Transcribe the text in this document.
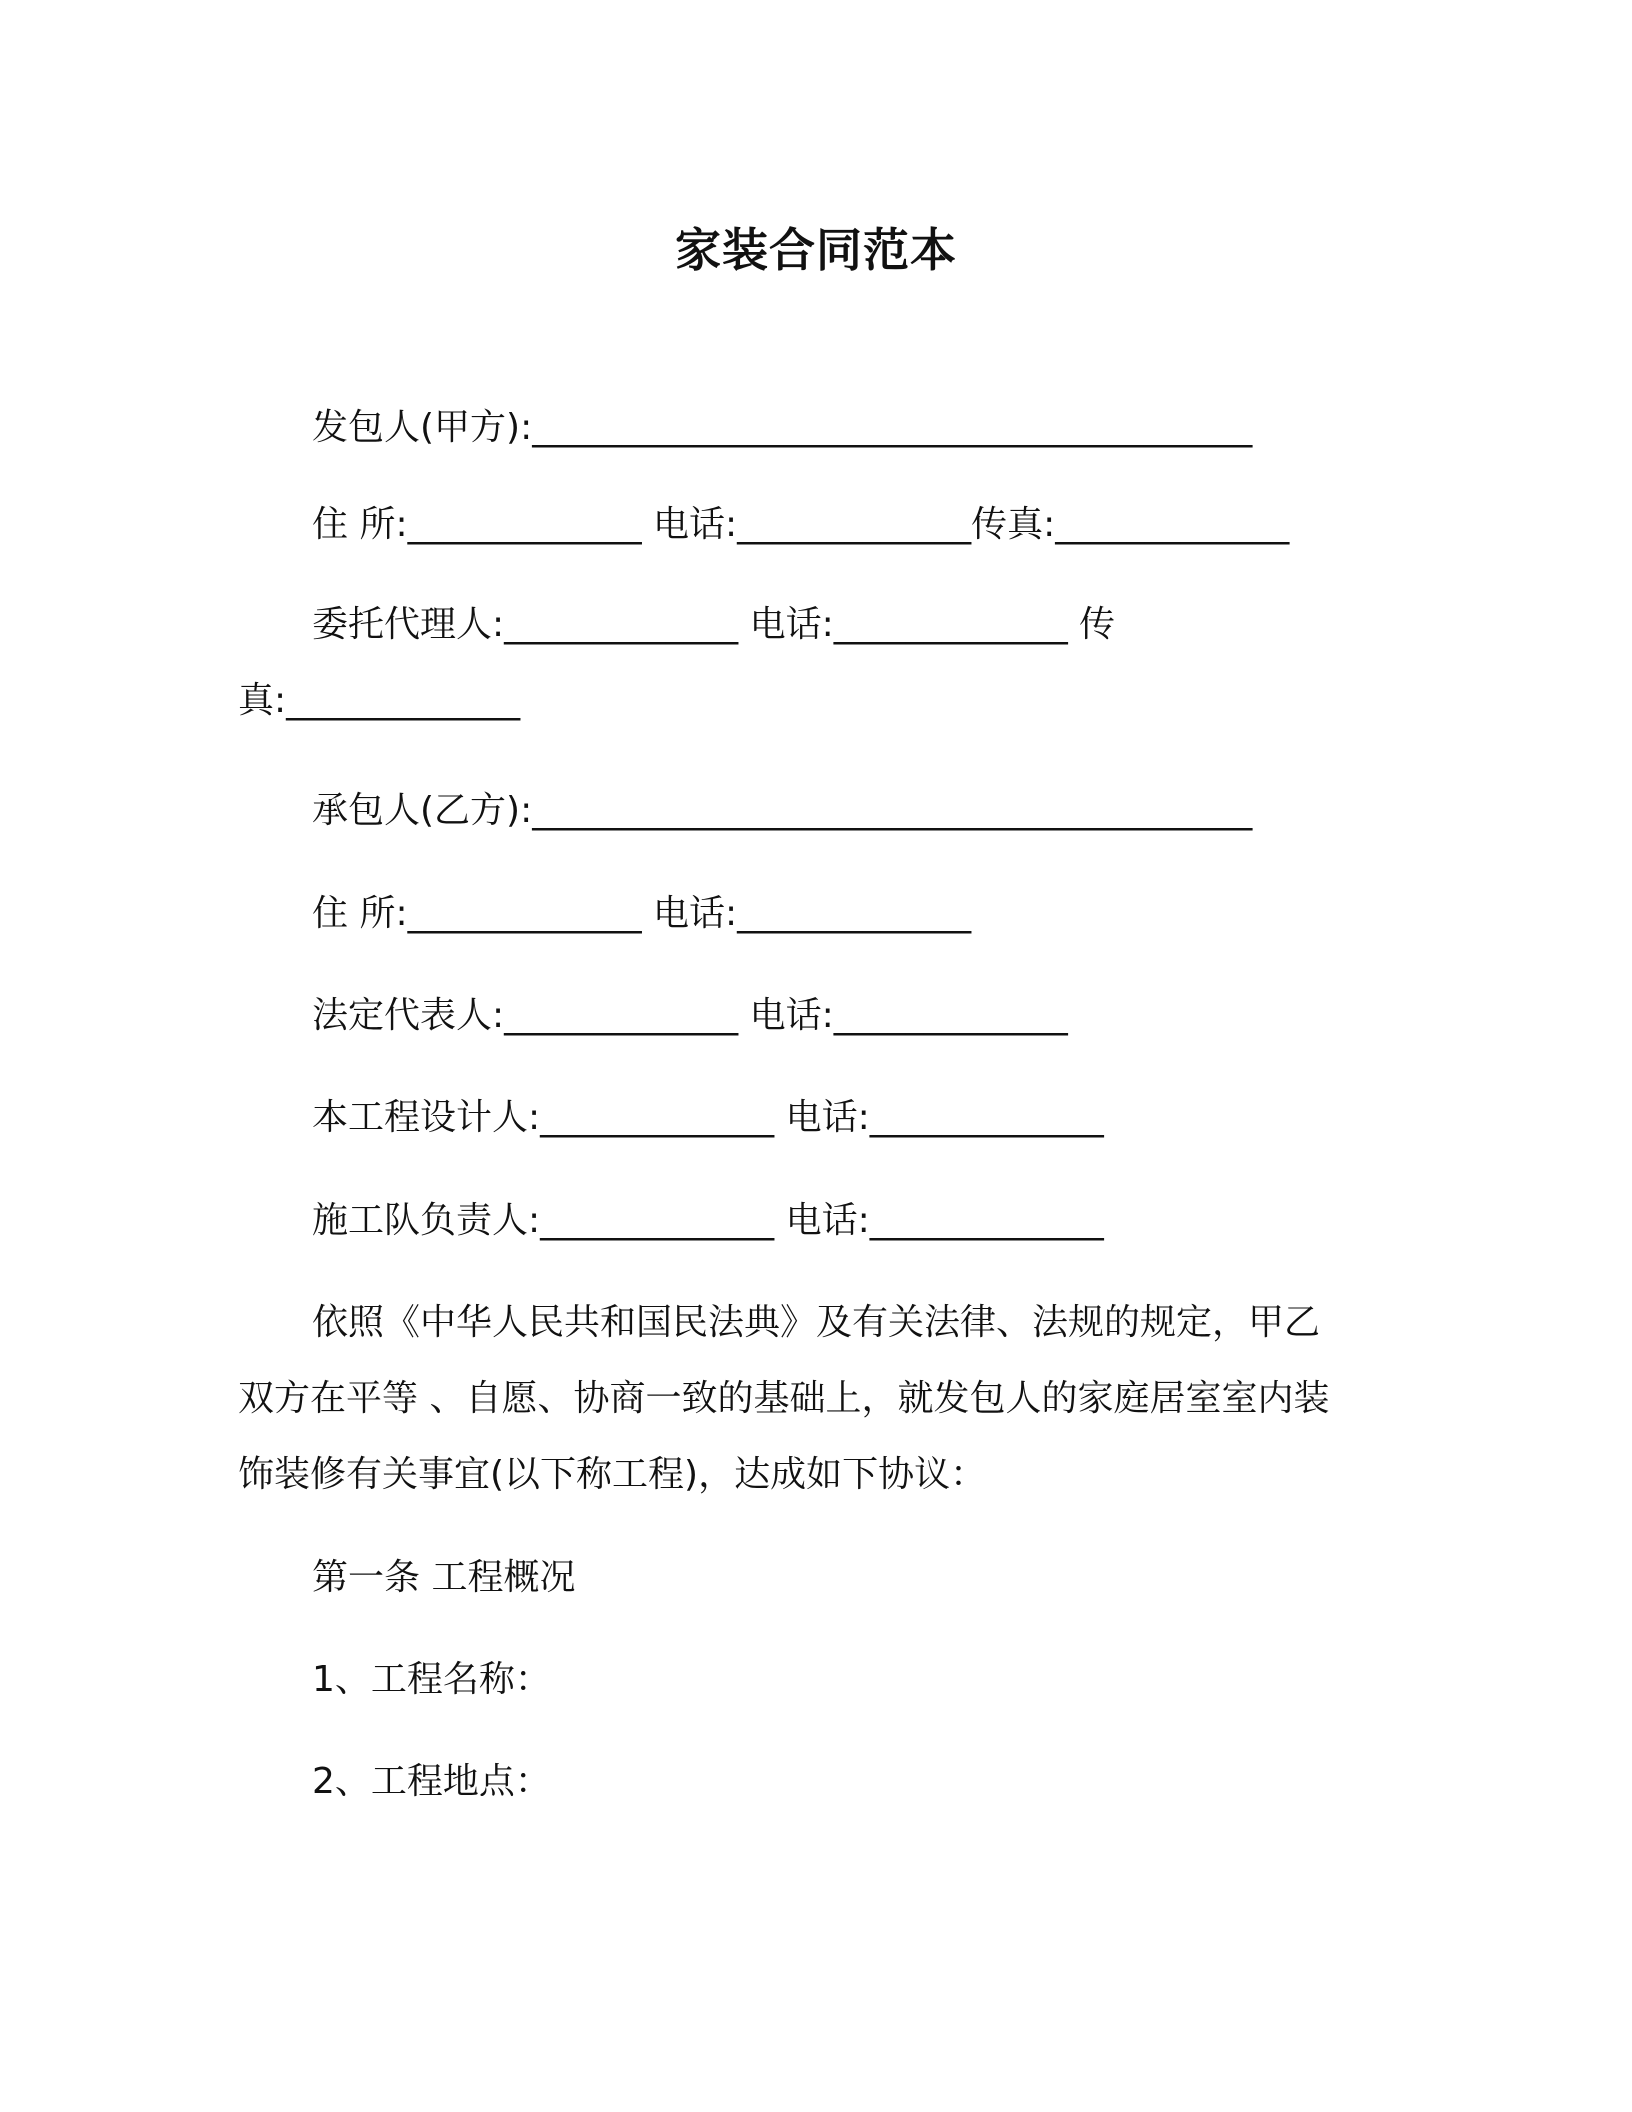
家装合同范本
发包人(甲方):________________________________________
住 所:_____________ 电话:_____________传真:_____________
委托代理人:_____________ 电话:_____________ 传
真:_____________
承包人(乙方):________________________________________
住 所:_____________ 电话:_____________
法定代表人:_____________ 电话:_____________
本工程设计人:_____________ 电话:_____________
施工队负责人:_____________ 电话:_____________
依照《中华人民共和国民法典》及有关法律、法规的规定，甲乙
双方在平等 、自愿、协商一致的基础上，就发包人的家庭居室室内装
饰装修有关事宜(以下称工程)，达成如下协议：
第一条 工程概况
1、工程名称：
2、工程地点：
